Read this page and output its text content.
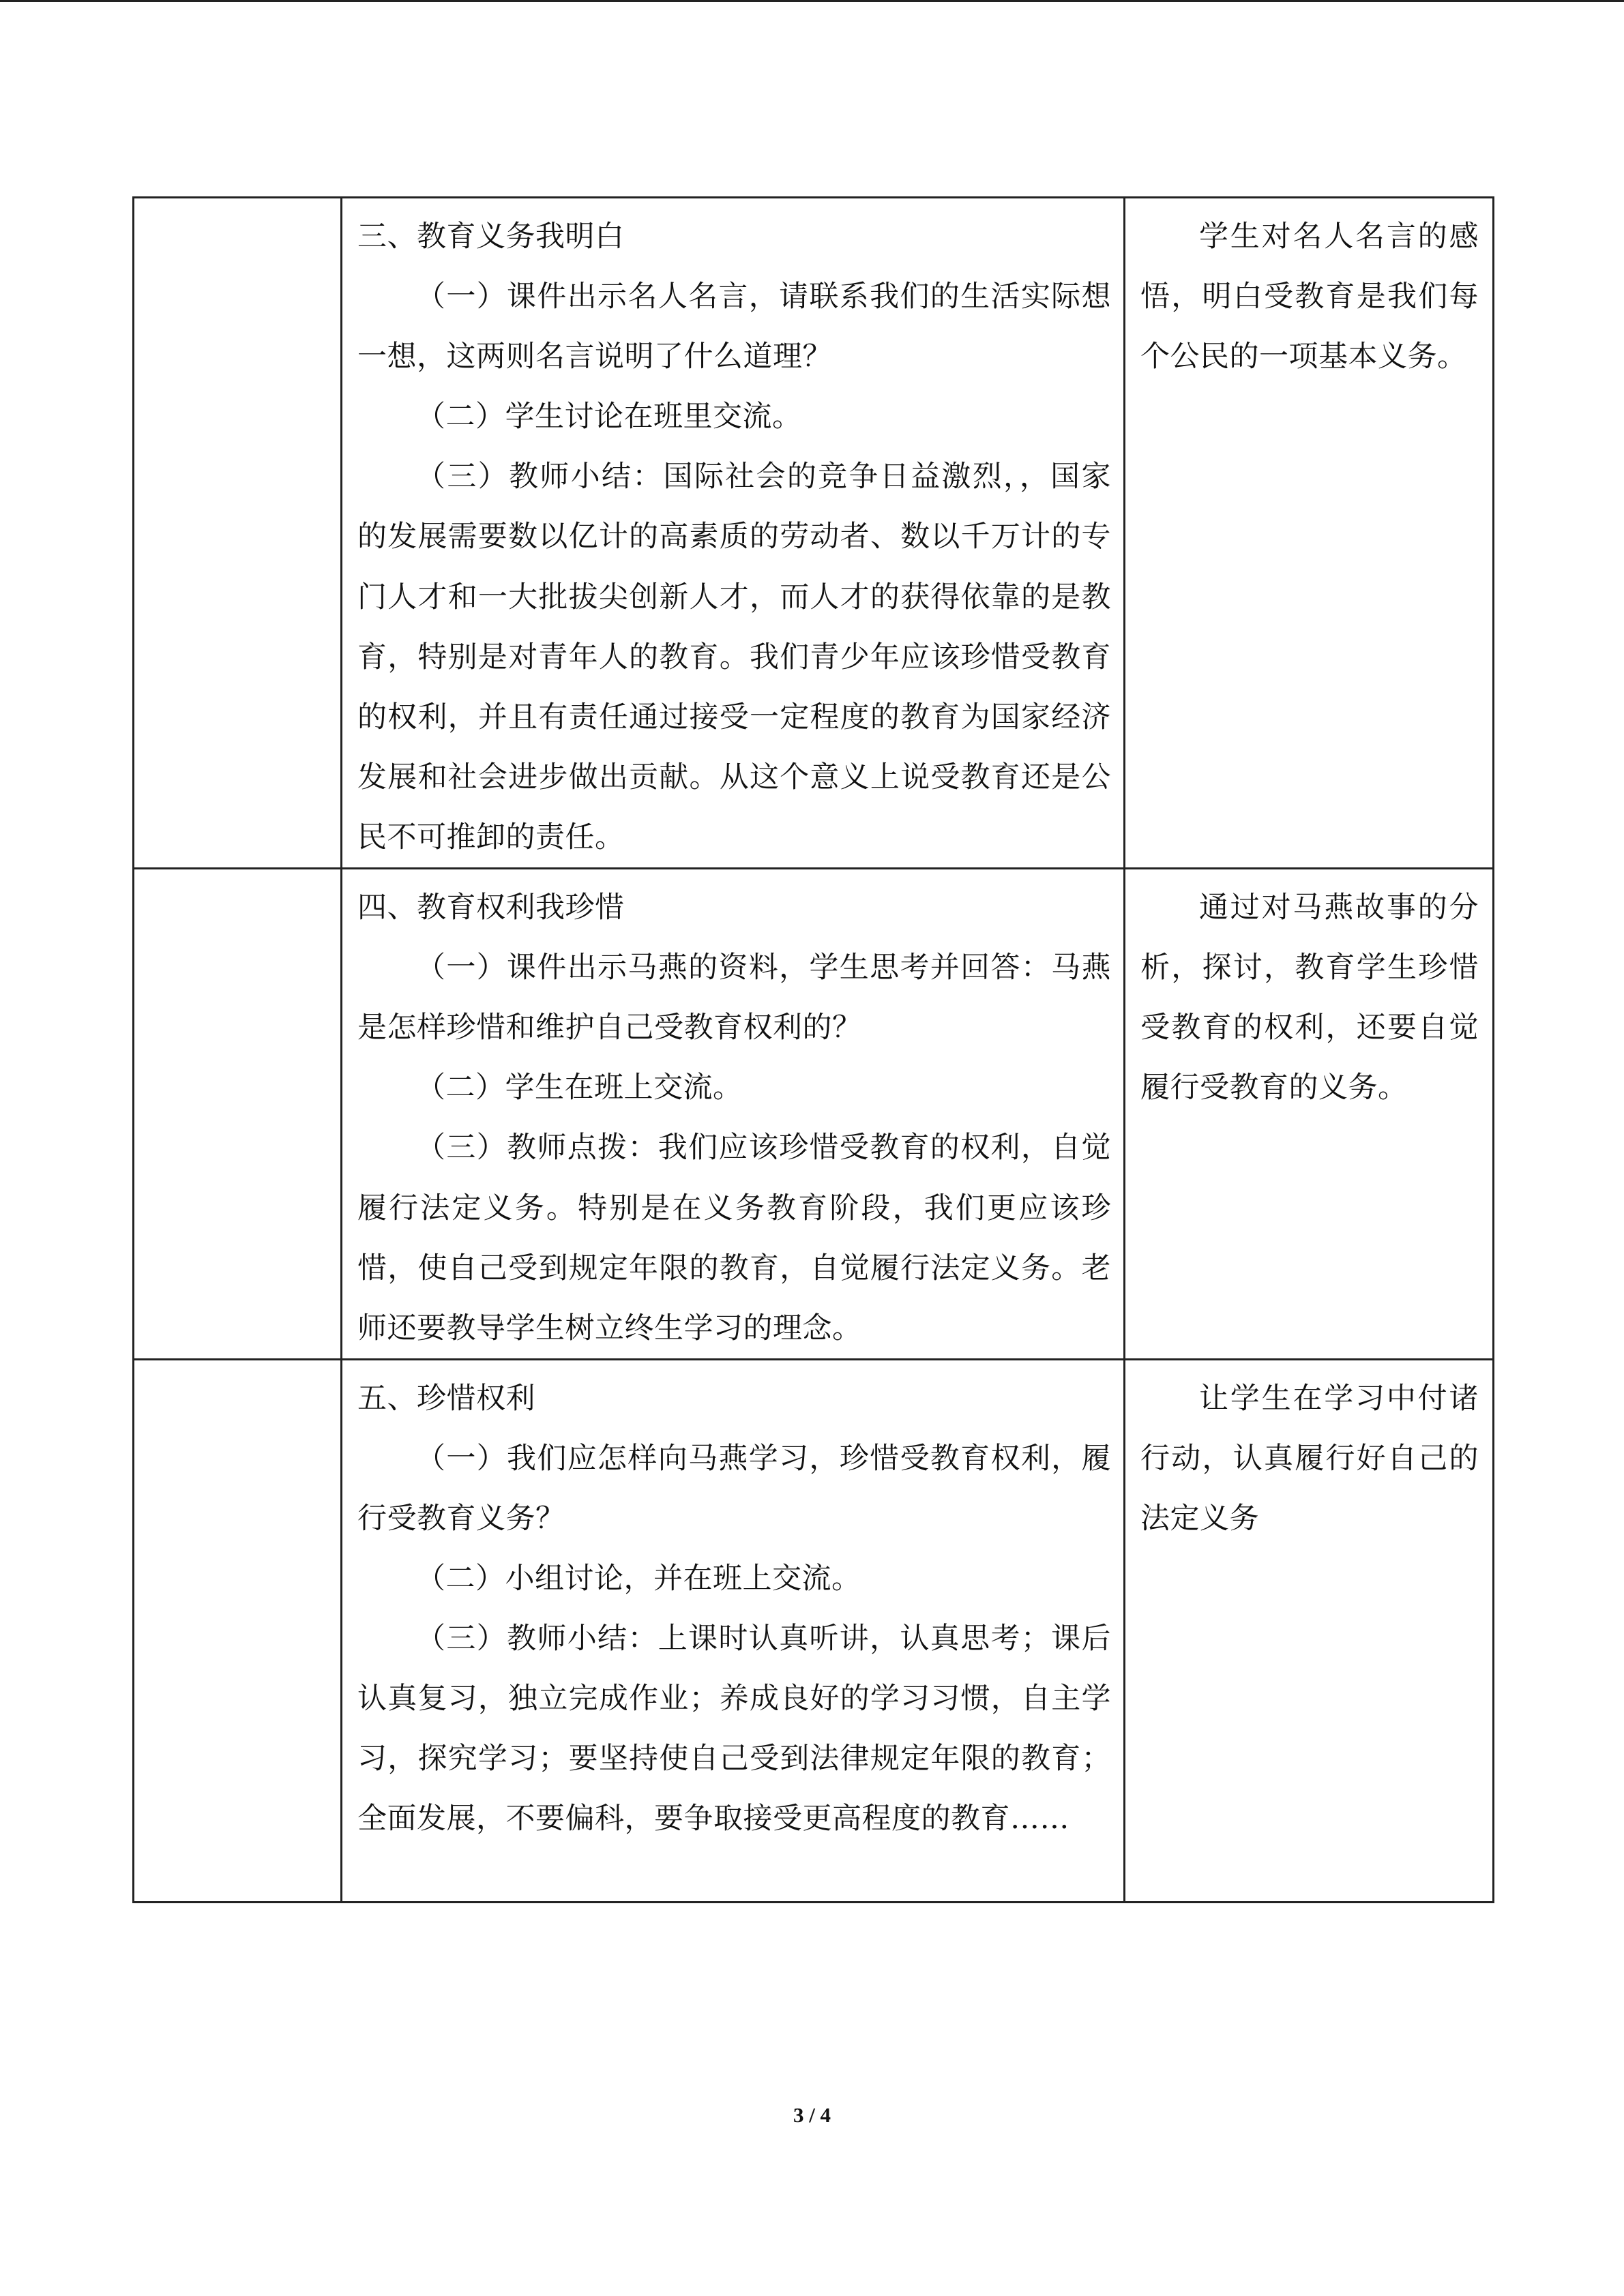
	三、教育义务我明白

（一）课件出示名人名言，请联系我们的生活实际想一想，这两则名言说明了什么道理？

（二）学生讨论在班里交流。

（三）教师小结：国际社会的竞争日益激烈，，国家的发展需要数以亿计的高素质的劳动者、数以千万计的专门人才和一大批拔尖创新人才，而人才的获得依靠的是教育，特别是对青年人的教育。我们青少年应该珍惜受教育的权利，并且有责任通过接受一定程度的教育为国家经济发展和社会进步做出贡献。从这个意义上说受教育还是公民不可推卸的责任。	学生对名人名言的感悟，明白受教育是我们每个公民的一项基本义务。

	四、教育权利我珍惜

（一）课件出示马燕的资料，学生思考并回答：马燕是怎样珍惜和维护自己受教育权利的？

（二）学生在班上交流。

（三）教师点拨：我们应该珍惜受教育的权利，自觉履行法定义务。特别是在义务教育阶段，我们更应该珍惜，使自己受到规定年限的教育，自觉履行法定义务。老师还要教导学生树立终生学习的理念。	通过对马燕故事的分析，探讨，教育学生珍惜受教育的权利，还要自觉履行受教育的义务。

	五、珍惜权利

（一）我们应怎样向马燕学习，珍惜受教育权利，履行受教育义务？

（二）小组讨论，并在班上交流。

（三）教师小结：上课时认真听讲，认真思考；课后认真复习，独立完成作业；养成良好的学习习惯，自主学习，探究学习；要坚持使自己受到法律规定年限的教育；全面发展，不要偏科，要争取接受更高程度的教育……	让学生在学习中付诸行动，认真履行好自己的法定义务

3 / 4
